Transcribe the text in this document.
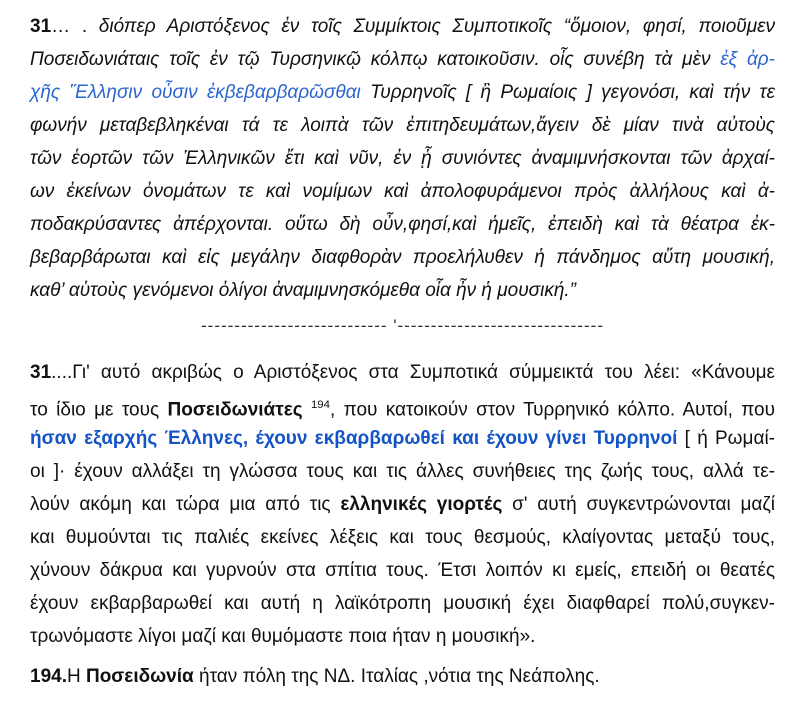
31… . διόπερ Αριστόξενος ἐν τοῖς Συμμίκτοις Συμποτικοῖς “ὅμοιον, φησί, ποιοῦμεν
Ποσειδωνιάταις τοῖς ἐν τῷ Τυρσηνικῷ κόλπῳ κατοικοῦσιν. οἷς συνέβη τὰ μὲν ἐξ ἀρ-
χῆς Ἕλλησιν οὖσιν ἐκβεβαρβαρῶσθαι Τυρρηνοῖς [ ἢ Ρωμαίοις ] γεγονόσι, καὶ τήν τε
φωνήν μεταβεβληκέναι τά τε λοιπὰ τῶν ἐπιτηδευμάτων,ἄγειν δὲ μίαν τινὰ αὐτοὺς
τῶν ἑορτῶν τῶν Ἑλληνικῶν ἔτι καὶ νῦν, ἐν ᾗ συνιόντες ἀναμιμνήσκονται τῶν ἀρχαί-
ων ἐκείνων ὀνομάτων τε καὶ νομίμων καὶ ἀπολοφυράμενοι πρὸς ἀλλήλους καὶ ἀ-
ποδακρύσαντες ἀπέρχονται. οὕτω δὴ οὖν,φησί,καὶ ἡμεῖς, ἐπειδὴ καὶ τὰ θέατρα ἐκ-
βεβαρβάρωται καὶ εἰς μεγάλην διαφθορὰν προελήλυθεν ἡ πάνδημος αὕτη μουσική,
καθ’ αὑτοὺς γενόμενοι ὀλίγοι ἀναμιμνησκόμεθα οἷα ἦν ἡ μουσική.”
---------------------------- '-------------------------------
31....Γι' αυτό ακριβώς ο Αριστόξενος στα Συμποτικά σύμμεικτά του λέει: «Κάνουμε
το ίδιο με τους Ποσειδωνιάτες $^{194}$, που κατοικούν στον Τυρρηνικό κόλπο. Αυτοί, που
ήσαν εξαρχής Έλληνες, έχουν εκβαρβαρωθεί και έχουν γίνει Τυρρηνοί [ ή Ρωμαί-
οι ]· έχουν αλλάξει τη γλώσσα τους και τις άλλες συνήθειες της ζωής τους, αλλά τε-
λούν ακόμη και τώρα μια από τις ελληνικές γιορτές σ' αυτή συγκεντρώνονται μαζί
και θυμούνται τις παλιές εκείνες λέξεις και τους θεσμούς, κλαίγοντας μεταξύ τους,
χύνουν δάκρυα και γυρνούν στα σπίτια τους. Έτσι λοιπόν κι εμείς, επειδή οι θεατές
έχουν εκβαρβαρωθεί και αυτή η λαϊκότροπη μουσική έχει διαφθαρεί πολύ,συγκεν-
τρωνόμαστε λίγοι μαζί και θυμόμαστε ποια ήταν η μουσική».
194.Η Ποσειδωνία ήταν πόλη της ΝΔ. Ιταλίας ,νότια της Νεάπολης.
